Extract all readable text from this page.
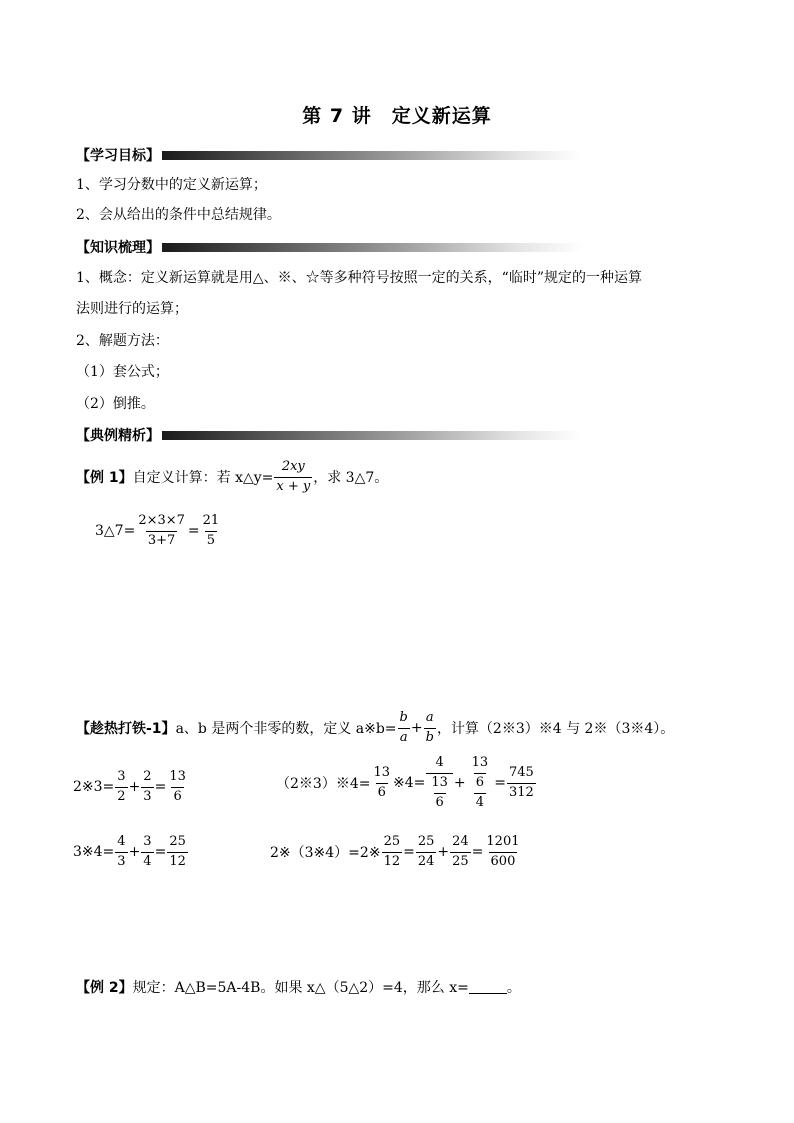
第 7 讲　定义新运算
【学习目标】
1、学习分数中的定义新运算；
2、会从给出的条件中总结规律。
【知识梳理】
1、概念：定义新运算就是用△、※、☆等多种符号按照一定的关系，“临时”规定的一种运算
法则进行的运算；
2、解题方法：
（1）套公式；
（2）倒推。
【典例精析】
【例 1】 自定义计算：若 x△y= $\frac{2xy}{x + y}$ ，求 3△7。
3△7= $\frac{2\times 3\times 7}{3+7} = \frac{21}{5}$
【趁热打铁-1】 a、b 是两个非零的数，定义 a※b= $\frac{b}{a} + \frac{a}{b}$ ，计算（2※3）※4 与 2※（3※4）。
2※3= $\frac{3}{2} + \frac{2}{3} = \frac{13}{6}$	（2※3）※4= $\frac{13}{6}$ ※4= $\frac{4}{\frac{13}{6}} + \frac{\frac{13}{6}}{4} = \frac{745}{312}$
3※4= $\frac{4}{3} + \frac{3}{4} = \frac{25}{12}$	2※（3※4）=2※ $\frac{25}{12} = \frac{25}{24} + \frac{24}{25} = \frac{1201}{600}$
【例 2】 规定：A△B=5A-4B。如果 x△（5△2）=4，那么 x=	。
